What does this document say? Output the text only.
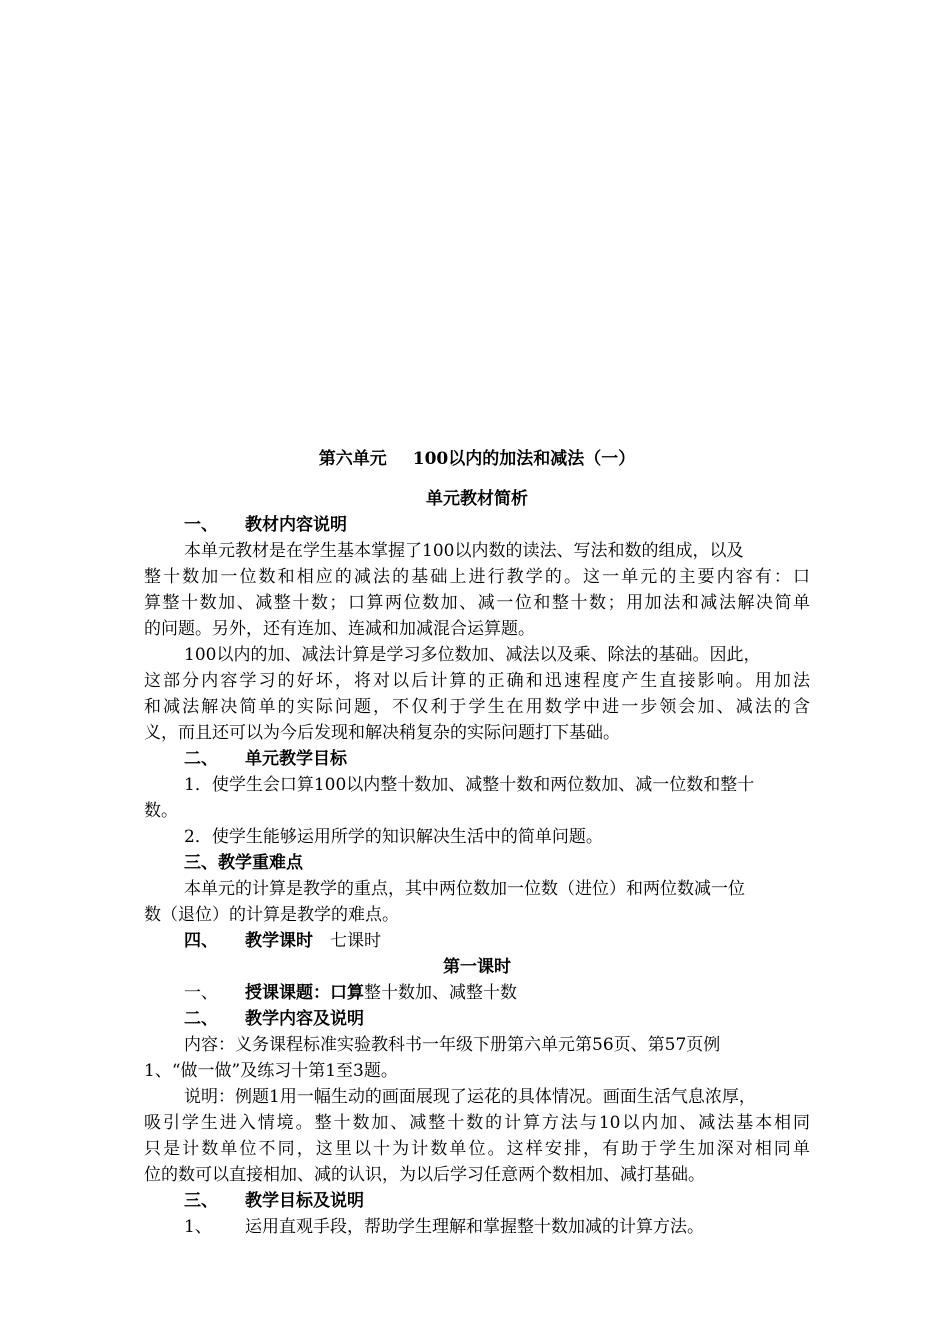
第六单元 100以内的加法和减法（一）
单元教材简析
一、 教材内容说明
本单元教材是在学生基本掌握了100以内数的读法、写法和数的组成，以及
整十数加一位数和相应的减法的基础上进行教学的。这一单元的主要内容有：口
算整十数加、减整十数；口算两位数加、减一位和整十数；用加法和减法解决简单
的问题。另外，还有连加、连减和加减混合运算题。
100以内的加、减法计算是学习多位数加、减法以及乘、除法的基础。因此，
这部分内容学习的好坏，将对以后计算的正确和迅速程度产生直接影响。用加法
和减法解决简单的实际问题，不仅利于学生在用数学中进一步领会加、减法的含
义，而且还可以为今后发现和解决稍复杂的实际问题打下基础。
二、 单元教学目标
1．使学生会口算100以内整十数加、减整十数和两位数加、减一位数和整十
数。
2．使学生能够运用所学的知识解决生活中的简单问题。
三、教学重难点
本单元的计算是教学的重点，其中两位数加一位数（进位）和两位数减一位
数（退位）的计算是教学的难点。
四、 教学课时 七课时
第一课时
一、 授课课题：口算整十数加、减整十数
二、 教学内容及说明
内容：义务课程标准实验教科书一年级下册第六单元第56页、第57页例
1、“做一做”及练习十第1至3题。
说明：例题1用一幅生动的画面展现了运花的具体情况。画面生活气息浓厚，
吸引学生进入情境。整十数加、减整十数的计算方法与10以内加、减法基本相同
只是计数单位不同，这里以十为计数单位。这样安排，有助于学生加深对相同单
位的数可以直接相加、减的认识，为以后学习任意两个数相加、减打基础。
三、 教学目标及说明
1、 运用直观手段，帮助学生理解和掌握整十数加减的计算方法。
